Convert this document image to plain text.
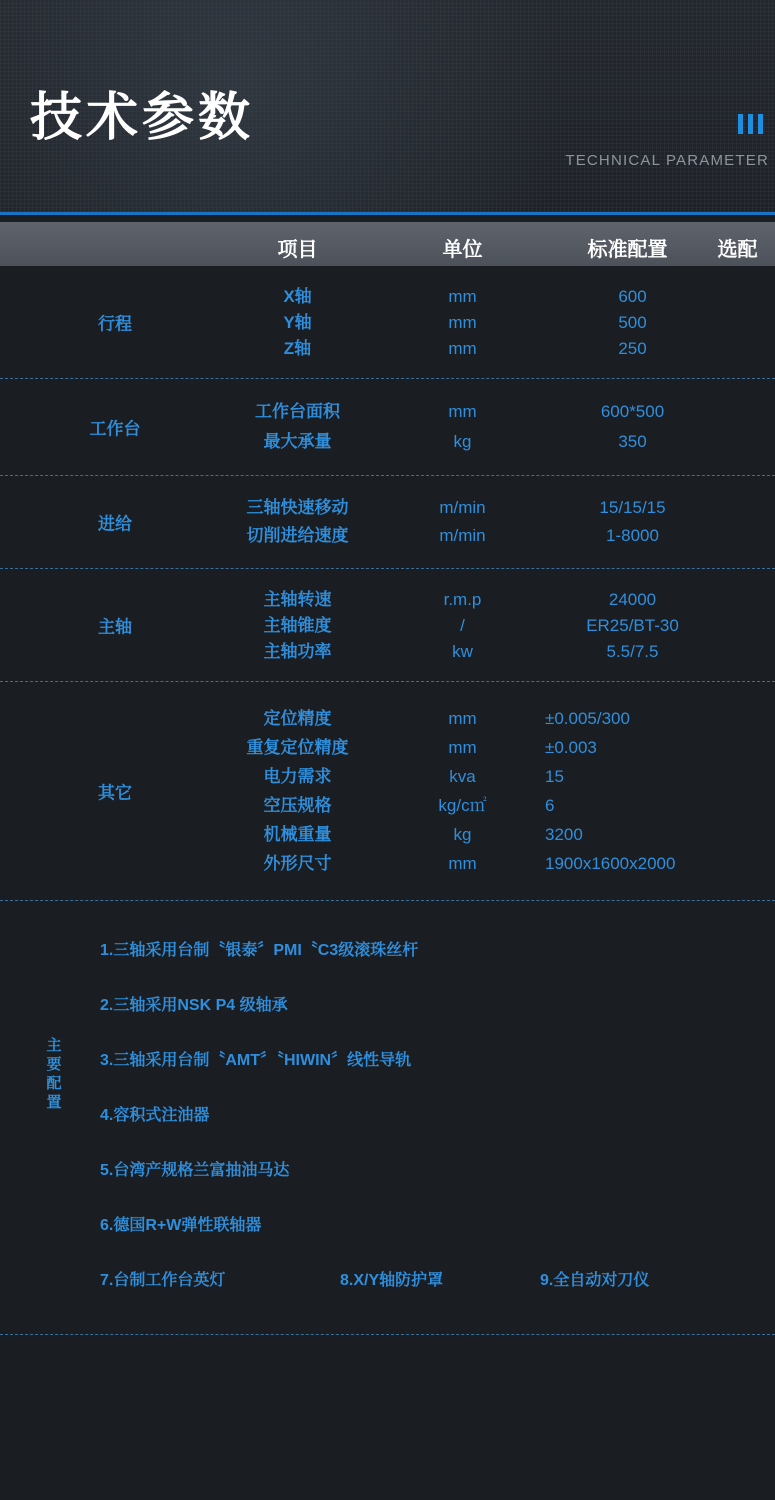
技术参数
TECHNICAL PARAMETER
项目	单位	标准配置	选配
行程
X轴	mm	600
Y轴	mm	500
Z轴	mm	250
工作台
工作台面积	mm	600*500
最大承量	kg	350
进给
三轴快速移动	m/min	15/15/15
切削进给速度	m/min	1-8000
主轴
主轴转速	r.m.p	24000
主轴锥度	/	ER25/BT-30
主轴功率	kw	5.5/7.5
其它
定位精度	mm	±0.005/300
重复定位精度	mm	±0.003
电力需求	kva	15
空压规格	kg/c㎡	6
机械重量	kg	3200
外形尺寸	mm	1900x1600x2000
主要配置
1.三轴采用台制〝银泰〞PMI〝C3级滚珠丝杆
2.三轴采用NSK P4 级轴承
3.三轴采用台制〝AMT〞〝HIWIN〞线性导轨
4.容积式注油器
5.台湾产规格兰富抽油马达
6.德国R+W弹性联轴器
7.台制工作台英灯	8.X/Y轴防护罩	9.全自动对刀仪
